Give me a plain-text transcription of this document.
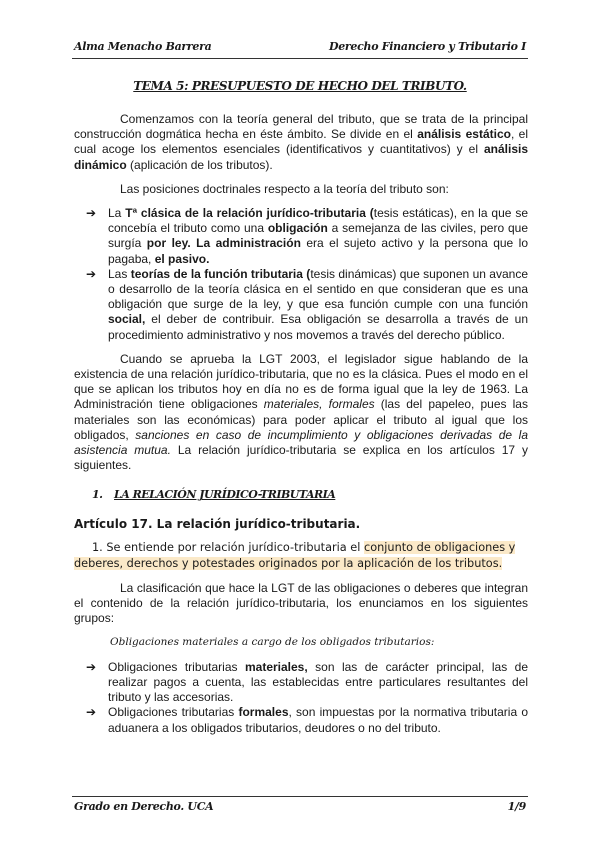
Alma Menacho Barrera	Derecho Financiero y Tributario I
TEMA 5: PRESUPUESTO DE HECHO DEL TRIBUTO.

Comenzamos con la teoría general del tributo, que se trata de la principal construcción dogmática hecha en éste ámbito. Se divide en el análisis estático, el cual acoge los elementos esenciales (identificativos y cuantitativos) y el análisis dinámico (aplicación de los tributos).

Las posiciones doctrinales respecto a la teoría del tributo son:

➔ La Tª clásica de la relación jurídico-tributaria (tesis estáticas), en la que se concebía el tributo como una obligación a semejanza de las civiles, pero que surgía por ley. La administración era el sujeto activo y la persona que lo pagaba, el pasivo.
➔ Las teorías de la función tributaria (tesis dinámicas) que suponen un avance o desarrollo de la teoría clásica en el sentido en que consideran que es una obligación que surge de la ley, y que esa función cumple con una función social, el deber de contribuir. Esa obligación se desarrolla a través de un procedimiento administrativo y nos movemos a través del derecho público.

Cuando se aprueba la LGT 2003, el legislador sigue hablando de la existencia de una relación jurídico-tributaria, que no es la clásica. Pues el modo en el que se aplican los tributos hoy en día no es de forma igual que la ley de 1963. La Administración tiene obligaciones materiales, formales (las del papeleo, pues las materiales son las económicas) para poder aplicar el tributo al igual que los obligados, sanciones en caso de incumplimiento y obligaciones derivadas de la asistencia mutua. La relación jurídico-tributaria se explica en los artículos 17 y siguientes.

1. LA RELACIÓN JURÍDICO-TRIBUTARIA
Artículo 17. La relación jurídico-tributaria.
1. Se entiende por relación jurídico-tributaria el conjunto de obligaciones y deberes, derechos y potestades originados por la aplicación de los tributos.

La clasificación que hace la LGT de las obligaciones o deberes que integran el contenido de la relación jurídico-tributaria, los enunciamos en los siguientes grupos:

Obligaciones materiales a cargo de los obligados tributarios:
➔ Obligaciones tributarias materiales, son las de carácter principal, las de realizar pagos a cuenta, las establecidas entre particulares resultantes del tributo y las accesorias.
➔ Obligaciones tributarias formales, son impuestas por la normativa tributaria o aduanera a los obligados tributarios, deudores o no del tributo.
Grado en Derecho. UCA	1/9
